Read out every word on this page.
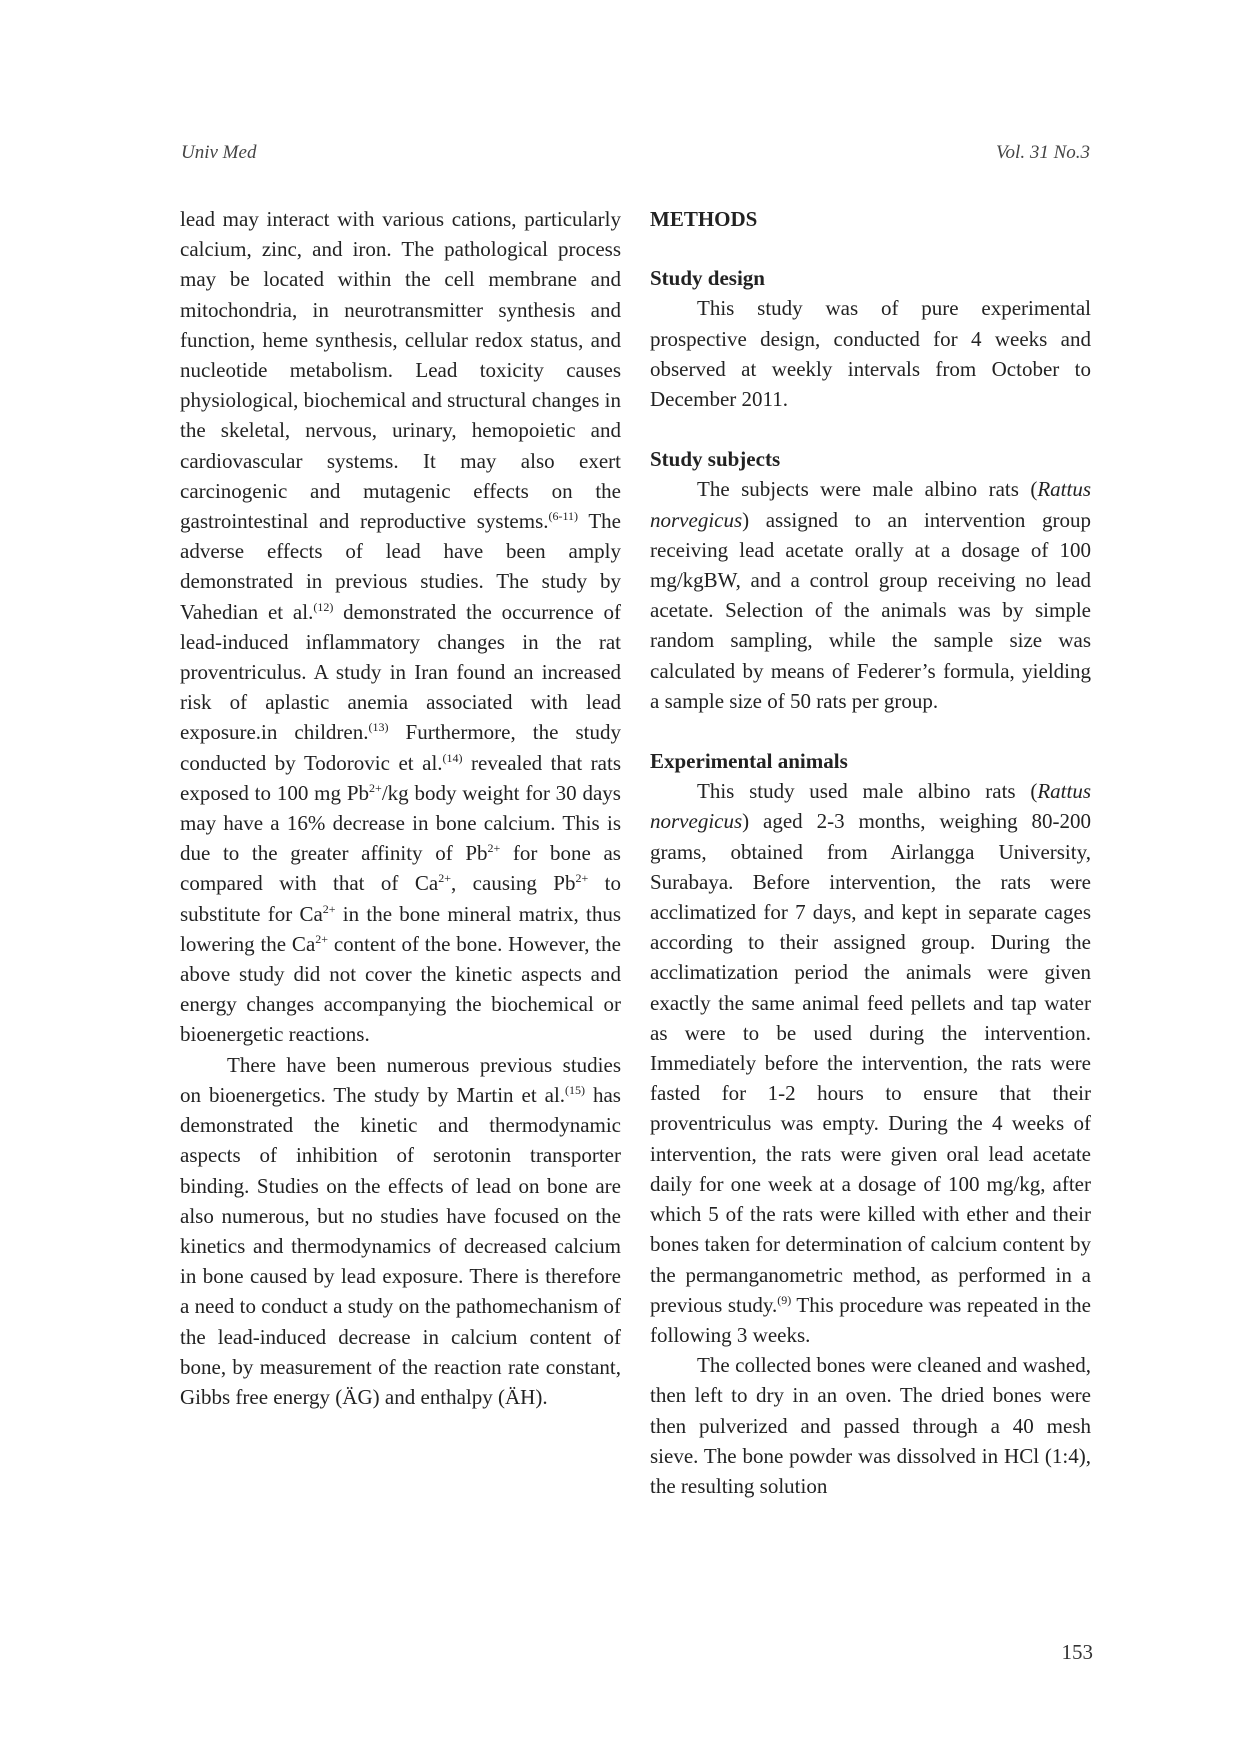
Univ Med	Vol. 31 No.3

lead may interact with various cations, particularly calcium, zinc, and iron. The pathological process may be located within the cell membrane and mitochondria, in neurotransmitter synthesis and function, heme synthesis, cellular redox status, and nucleotide metabolism. Lead toxicity causes physiological, biochemical and structural changes in the skeletal, nervous, urinary, hemopoietic and cardiovascular systems. It may also exert carcinogenic and mutagenic effects on the gastrointestinal and reproductive systems.$^{(6-11)}$ The adverse effects of lead have been amply demonstrated in previous studies. The study by Vahedian et al.$^{(12)}$ demonstrated the occurrence of lead-induced inflammatory changes in the rat proventriculus. A study in Iran found an increased risk of aplastic anemia associated with lead exposure.in children.$^{(13)}$ Furthermore, the study conducted by Todorovic et al.$^{(14)}$ revealed that rats exposed to 100 mg $Pb^{2+}/kg$ body weight for 30 days may have a 16% decrease in bone calcium. This is due to the greater affinity of $Pb^{2+}$ for bone as compared with that of $Ca^{2+}$, causing $Pb^{2+}$ to substitute for $Ca^{2+}$ in the bone mineral matrix, thus lowering the $Ca^{2+}$ content of the bone. However, the above study did not cover the kinetic aspects and energy changes accompanying the biochemical or bioenergetic reactions.

There have been numerous previous studies on bioenergetics. The study by Martin et al.$^{(15)}$ has demonstrated the kinetic and thermodynamic aspects of inhibition of serotonin transporter binding. Studies on the effects of lead on bone are also numerous, but no studies have focused on the kinetics and thermodynamics of decreased calcium in bone caused by lead exposure. There is therefore a need to conduct a study on the pathomechanism of the lead-induced decrease in calcium content of bone, by measurement of the reaction rate constant, Gibbs free energy (ÄG) and enthalpy (ÄH).

METHODS
Study design

This study was of pure experimental prospective design, conducted for 4 weeks and observed at weekly intervals from October to December 2011.

Study subjects

The subjects were male albino rats (Rattus norvegicus) assigned to an intervention group receiving lead acetate orally at a dosage of 100 mg/kgBW, and a control group receiving no lead acetate. Selection of the animals was by simple random sampling, while the sample size was calculated by means of Federer’s formula, yielding a sample size of 50 rats per group.

Experimental animals

This study used male albino rats (Rattus norvegicus) aged 2-3 months, weighing 80-200 grams, obtained from Airlangga University, Surabaya. Before intervention, the rats were acclimatized for 7 days, and kept in separate cages according to their assigned group. During the acclimatization period the animals were given exactly the same animal feed pellets and tap water as were to be used during the intervention. Immediately before the intervention, the rats were fasted for 1-2 hours to ensure that their proventriculus was empty. During the 4 weeks of intervention, the rats were given oral lead acetate daily for one week at a dosage of 100 mg/kg, after which 5 of the rats were killed with ether and their bones taken for determination of calcium content by the permanganometric method, as performed in a previous study.$^{(9)}$ This procedure was repeated in the following 3 weeks.

The collected bones were cleaned and washed, then left to dry in an oven. The dried bones were then pulverized and passed through a 40 mesh sieve. The bone powder was dissolved in HCl (1:4), the resulting solution

153
